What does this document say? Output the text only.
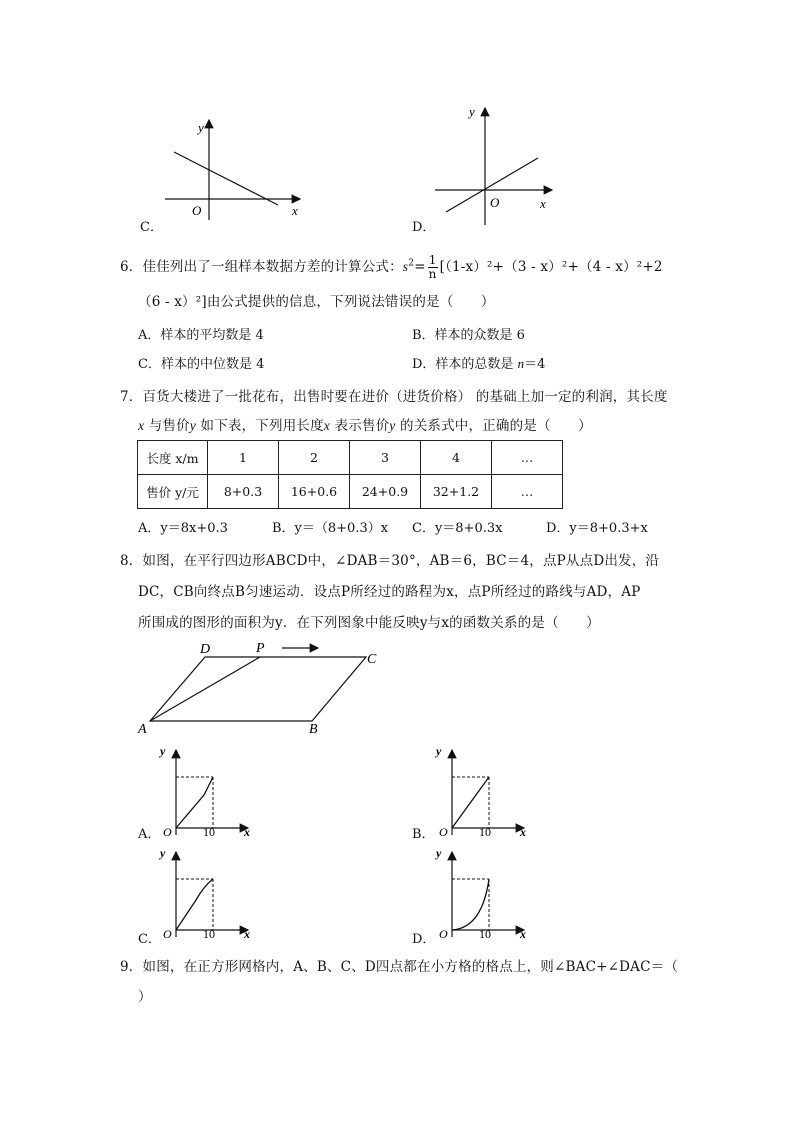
x
y
O
C．
x
y
O
D．
6．佳佳列出了一组样本数据方差的计算公式：$s^2= \frac{1}{n} [(1-x)^2+(3 - x)^2+(4 - x)^2+2$
（6 - x）²]由公式提供的信息，下列说法错误的是（　　）
A．样本的平均数是 4	B．样本的众数是 6
C．样本的中位数是 4	D．样本的总数是 n＝4
7．百货大楼进了一批花布，出售时要在进价（进货价格） 的基础上加一定的利润，其长度
x 与售价y 如下表，下列用长度x 表示售价y 的关系式中，正确的是（　　）
长度 x/m	1	2	3	4	…
售价 y/元	8+0.3	16+0.6	24+0.9	32+1.2	…
A．y＝8x+0.3	B．y＝（8+0.3）x C．y＝8+0.3x	D．y＝8+0.3+x
8．如图，在平行四边形ABCD中，∠DAB＝30°，AB＝6，BC＝4，点P从点D出发，沿
DC，CB向终点B匀速运动．设点P所经过的路程为x，点P所经过的路线与AD，AP
所围成的图形的面积为y．在下列图象中能反映y与x的函数关系的是（　　）
A	B
C
D	P
y
x
O	10
A．
y
x
O	10
B．
y
x
O	10
C．
y
x
O	10
D．
9．如图，在正方形网格内，A、B、C、D四点都在小方格的格点上，则∠BAC+∠DAC＝（
）
